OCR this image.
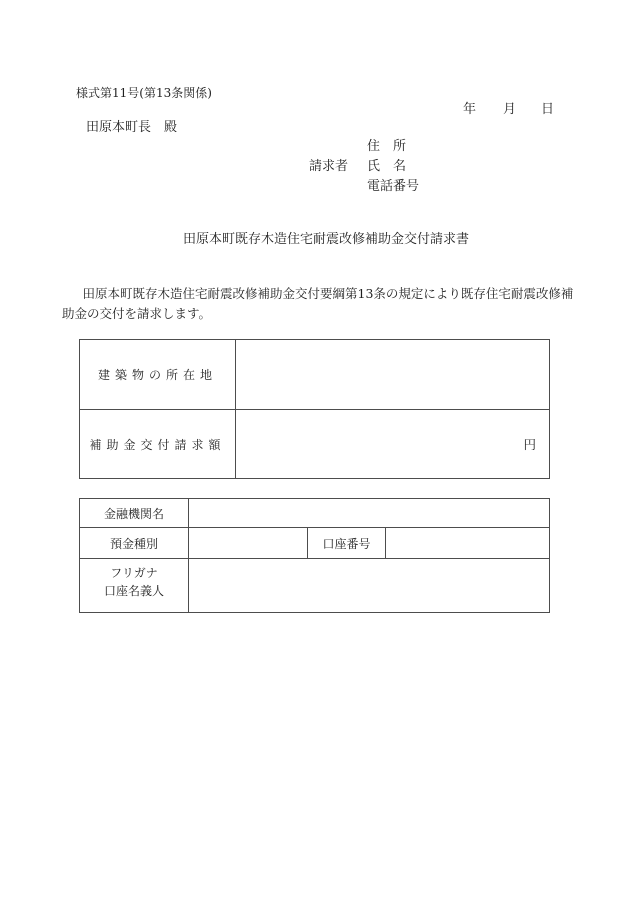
様式第11号(第13条関係)
年 月 日
田原本町長　殿
請求者
住　所
氏　名
電話番号
田原本町既存木造住宅耐震改修補助金交付請求書
　田原本町既存木造住宅耐震改修補助金交付要綱第13条の規定により既存住宅耐震改修補
助金の交付を請求します。
建築物の所在地	

補助金交付請求額	円
金融機関名			
預金種別		口座番号	

フリガナ
口座名義人			
